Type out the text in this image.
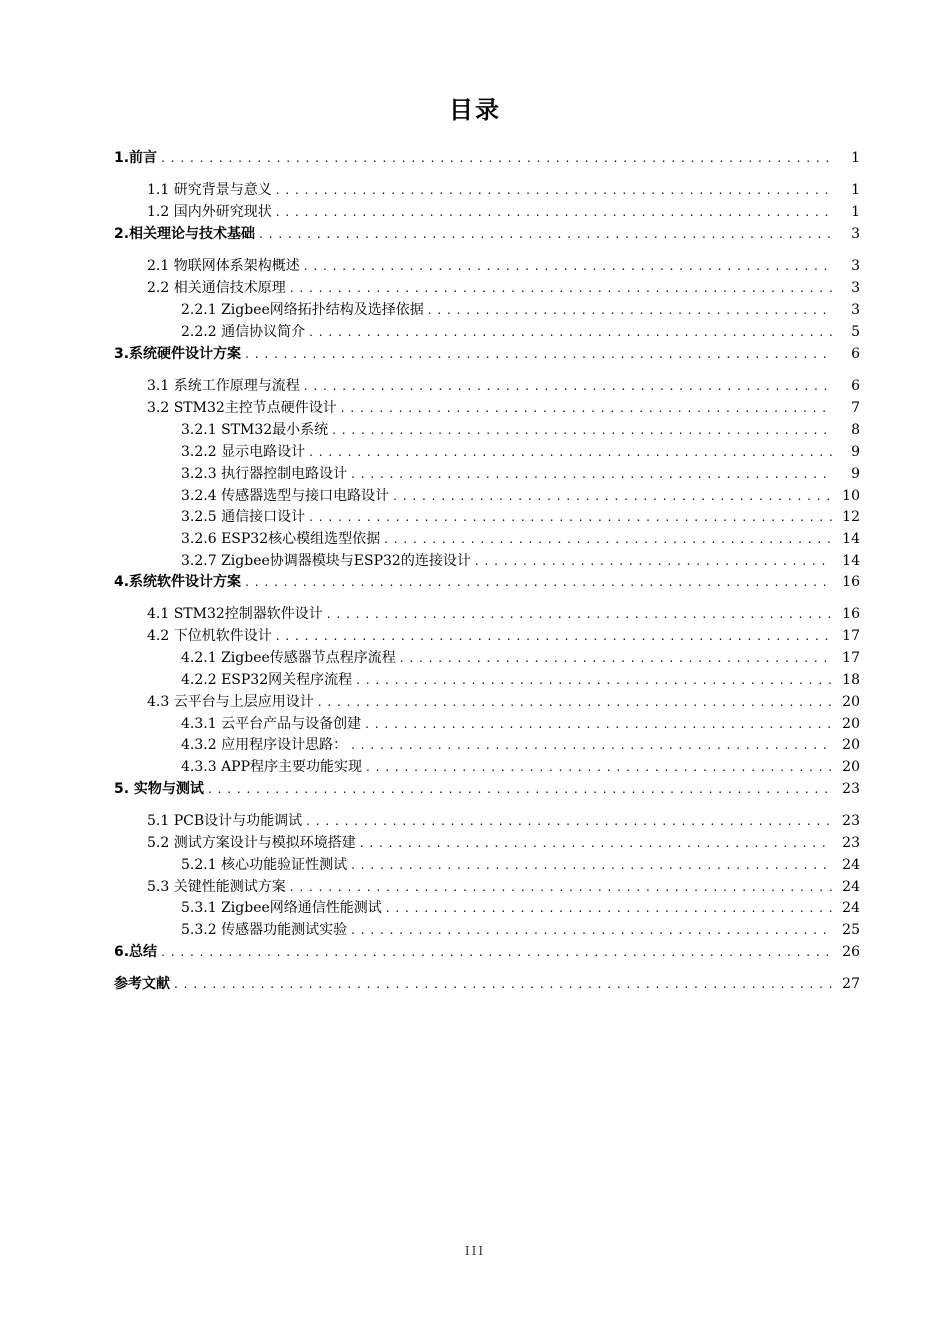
目录
1.前言 . . .	1
1.1 研究背景与意义 . . .	1
1.2 国内外研究现状 . . .	1
2.相关理论与技术基础 . . .	3
2.1 物联网体系架构概述 . . .	3
2.2 相关通信技术原理 . . .	3
2.2.1 Zigbee网络拓扑结构及选择依据 . . .	3
2.2.2 通信协议简介 . . .	5
3.系统硬件设计方案 . . .	6
3.1 系统工作原理与流程 . . .	6
3.2 STM32主控节点硬件设计 . . .	7
3.2.1 STM32最小系统 . . .	8
3.2.2 显示电路设计 . . .	9
3.2.3 执行器控制电路设计 . . .	9
3.2.4 传感器选型与接口电路设计 . . .	10
3.2.5 通信接口设计 . . .	12
3.2.6 ESP32核心模组选型依据 . . .	14
3.2.7 Zigbee协调器模块与ESP32的连接设计 . . .	14
4.系统软件设计方案 . . .	16
4.1 STM32控制器软件设计 . . .	16
4.2 下位机软件设计 . . .	17
4.2.1 Zigbee传感器节点程序流程 . . .	17
4.2.2 ESP32网关程序流程 . . .	18
4.3 云平台与上层应用设计 . . .	20
4.3.1 云平台产品与设备创建 . . .	20
4.3.2 应用程序设计思路： . . .	20
4.3.3 APP程序主要功能实现 . . .	20
5. 实物与测试 . . .	23
5.1 PCB设计与功能调试 . . .	23
5.2 测试方案设计与模拟环境搭建 . . .	23
5.2.1 核心功能验证性测试 . . .	24
5.3 关键性能测试方案 . . .	24
5.3.1 Zigbee网络通信性能测试 . . .	24
5.3.2 传感器功能测试实验 . . .	25
6.总结 . . .	26
参考文献 . . .	27
III
